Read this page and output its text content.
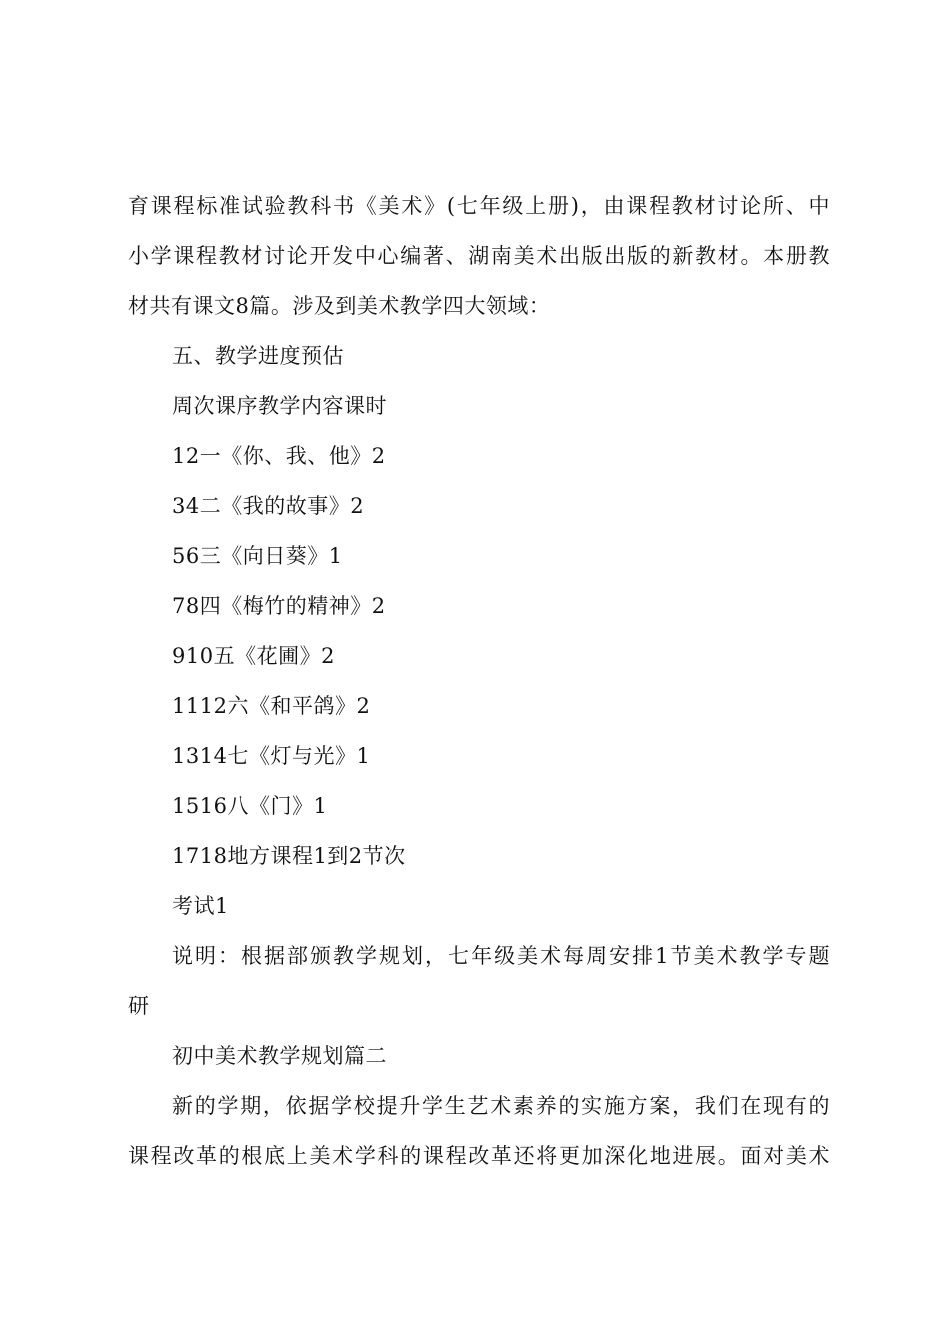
育课程标准试验教科书《美术》(七年级上册)，由课程教材讨论所、中
小学课程教材讨论开发中心编著、湖南美术出版出版的新教材。本册教
材共有课文8篇。涉及到美术教学四大领域：
五、教学进度预估
周次课序教学内容课时
12一《你、我、他》2
34二《我的故事》2
56三《向日葵》1
78四《梅竹的精神》2
910五《花圃》2
1112六《和平鸽》2
1314七《灯与光》1
1516八《门》1
1718地方课程1到2节次
考试1
说明：根据部颁教学规划，七年级美术每周安排1节美术教学专题
研
初中美术教学规划篇二
新的学期，依据学校提升学生艺术素养的实施方案，我们在现有的
课程改革的根底上美术学科的课程改革还将更加深化地进展。面对美术
